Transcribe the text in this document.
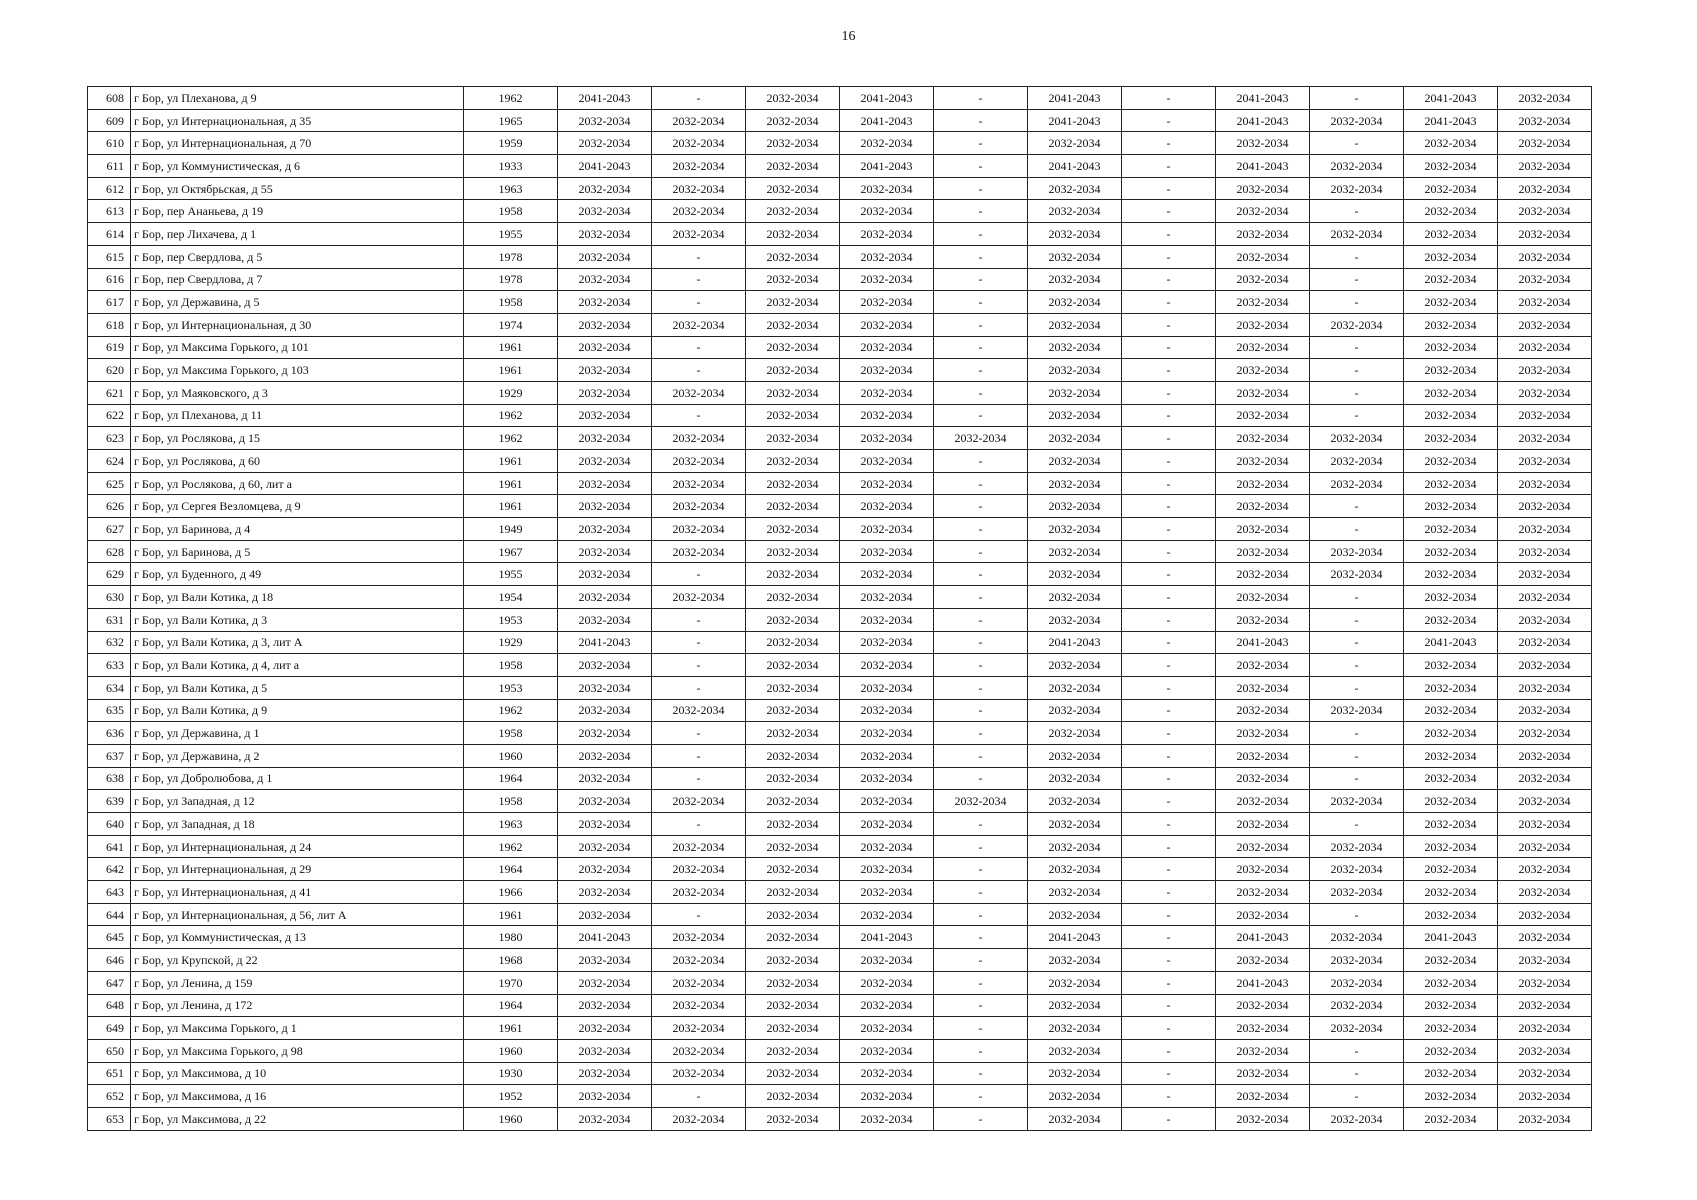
16
608	г Бор, ул Плеханова, д 9	1962	2041-2043	-	2032-2034	2041-2043	-	2041-2043	-	2041-2043	-	2041-2043	2032-2034
609	г Бор, ул Интернациональная, д 35	1965	2032-2034	2032-2034	2032-2034	2041-2043	-	2041-2043	-	2041-2043	2032-2034	2041-2043	2032-2034
610	г Бор, ул Интернациональная, д 70	1959	2032-2034	2032-2034	2032-2034	2032-2034	-	2032-2034	-	2032-2034	-	2032-2034	2032-2034
611	г Бор, ул Коммунистическая, д 6	1933	2041-2043	2032-2034	2032-2034	2041-2043	-	2041-2043	-	2041-2043	2032-2034	2032-2034	2032-2034
612	г Бор, ул Октябрьская, д 55	1963	2032-2034	2032-2034	2032-2034	2032-2034	-	2032-2034	-	2032-2034	2032-2034	2032-2034	2032-2034
613	г Бор, пер Ананьева, д 19	1958	2032-2034	2032-2034	2032-2034	2032-2034	-	2032-2034	-	2032-2034	-	2032-2034	2032-2034
614	г Бор, пер Лихачева, д 1	1955	2032-2034	2032-2034	2032-2034	2032-2034	-	2032-2034	-	2032-2034	2032-2034	2032-2034	2032-2034
615	г Бор, пер Свердлова, д 5	1978	2032-2034	-	2032-2034	2032-2034	-	2032-2034	-	2032-2034	-	2032-2034	2032-2034
616	г Бор, пер Свердлова, д 7	1978	2032-2034	-	2032-2034	2032-2034	-	2032-2034	-	2032-2034	-	2032-2034	2032-2034
617	г Бор, ул Державина, д 5	1958	2032-2034	-	2032-2034	2032-2034	-	2032-2034	-	2032-2034	-	2032-2034	2032-2034
618	г Бор, ул Интернациональная, д 30	1974	2032-2034	2032-2034	2032-2034	2032-2034	-	2032-2034	-	2032-2034	2032-2034	2032-2034	2032-2034
619	г Бор, ул Максима Горького, д 101	1961	2032-2034	-	2032-2034	2032-2034	-	2032-2034	-	2032-2034	-	2032-2034	2032-2034
620	г Бор, ул Максима Горького, д 103	1961	2032-2034	-	2032-2034	2032-2034	-	2032-2034	-	2032-2034	-	2032-2034	2032-2034
621	г Бор, ул Маяковского, д 3	1929	2032-2034	2032-2034	2032-2034	2032-2034	-	2032-2034	-	2032-2034	-	2032-2034	2032-2034
622	г Бор, ул Плеханова, д 11	1962	2032-2034	-	2032-2034	2032-2034	-	2032-2034	-	2032-2034	-	2032-2034	2032-2034
623	г Бор, ул Рослякова, д 15	1962	2032-2034	2032-2034	2032-2034	2032-2034	2032-2034	2032-2034	-	2032-2034	2032-2034	2032-2034	2032-2034
624	г Бор, ул Рослякова, д 60	1961	2032-2034	2032-2034	2032-2034	2032-2034	-	2032-2034	-	2032-2034	2032-2034	2032-2034	2032-2034
625	г Бор, ул Рослякова, д 60, лит а	1961	2032-2034	2032-2034	2032-2034	2032-2034	-	2032-2034	-	2032-2034	2032-2034	2032-2034	2032-2034
626	г Бор, ул Сергея Везломцева, д 9	1961	2032-2034	2032-2034	2032-2034	2032-2034	-	2032-2034	-	2032-2034	-	2032-2034	2032-2034
627	г Бор, ул Баринова, д 4	1949	2032-2034	2032-2034	2032-2034	2032-2034	-	2032-2034	-	2032-2034	-	2032-2034	2032-2034
628	г Бор, ул Баринова, д 5	1967	2032-2034	2032-2034	2032-2034	2032-2034	-	2032-2034	-	2032-2034	2032-2034	2032-2034	2032-2034
629	г Бор, ул Буденного, д 49	1955	2032-2034	-	2032-2034	2032-2034	-	2032-2034	-	2032-2034	2032-2034	2032-2034	2032-2034
630	г Бор, ул Вали Котика, д 18	1954	2032-2034	2032-2034	2032-2034	2032-2034	-	2032-2034	-	2032-2034	-	2032-2034	2032-2034
631	г Бор, ул Вали Котика, д 3	1953	2032-2034	-	2032-2034	2032-2034	-	2032-2034	-	2032-2034	-	2032-2034	2032-2034
632	г Бор, ул Вали Котика, д 3, лит А	1929	2041-2043	-	2032-2034	2032-2034	-	2041-2043	-	2041-2043	-	2041-2043	2032-2034
633	г Бор, ул Вали Котика, д 4, лит а	1958	2032-2034	-	2032-2034	2032-2034	-	2032-2034	-	2032-2034	-	2032-2034	2032-2034
634	г Бор, ул Вали Котика, д 5	1953	2032-2034	-	2032-2034	2032-2034	-	2032-2034	-	2032-2034	-	2032-2034	2032-2034
635	г Бор, ул Вали Котика, д 9	1962	2032-2034	2032-2034	2032-2034	2032-2034	-	2032-2034	-	2032-2034	2032-2034	2032-2034	2032-2034
636	г Бор, ул Державина, д 1	1958	2032-2034	-	2032-2034	2032-2034	-	2032-2034	-	2032-2034	-	2032-2034	2032-2034
637	г Бор, ул Державина, д 2	1960	2032-2034	-	2032-2034	2032-2034	-	2032-2034	-	2032-2034	-	2032-2034	2032-2034
638	г Бор, ул Добролюбова, д 1	1964	2032-2034	-	2032-2034	2032-2034	-	2032-2034	-	2032-2034	-	2032-2034	2032-2034
639	г Бор, ул Западная, д 12	1958	2032-2034	2032-2034	2032-2034	2032-2034	2032-2034	2032-2034	-	2032-2034	2032-2034	2032-2034	2032-2034
640	г Бор, ул Западная, д 18	1963	2032-2034	-	2032-2034	2032-2034	-	2032-2034	-	2032-2034	-	2032-2034	2032-2034
641	г Бор, ул Интернациональная, д 24	1962	2032-2034	2032-2034	2032-2034	2032-2034	-	2032-2034	-	2032-2034	2032-2034	2032-2034	2032-2034
642	г Бор, ул Интернациональная, д 29	1964	2032-2034	2032-2034	2032-2034	2032-2034	-	2032-2034	-	2032-2034	2032-2034	2032-2034	2032-2034
643	г Бор, ул Интернациональная, д 41	1966	2032-2034	2032-2034	2032-2034	2032-2034	-	2032-2034	-	2032-2034	2032-2034	2032-2034	2032-2034
644	г Бор, ул Интернациональная, д 56, лит А	1961	2032-2034	-	2032-2034	2032-2034	-	2032-2034	-	2032-2034	-	2032-2034	2032-2034
645	г Бор, ул Коммунистическая, д 13	1980	2041-2043	2032-2034	2032-2034	2041-2043	-	2041-2043	-	2041-2043	2032-2034	2041-2043	2032-2034
646	г Бор, ул Крупской, д 22	1968	2032-2034	2032-2034	2032-2034	2032-2034	-	2032-2034	-	2032-2034	2032-2034	2032-2034	2032-2034
647	г Бор, ул Ленина, д 159	1970	2032-2034	2032-2034	2032-2034	2032-2034	-	2032-2034	-	2041-2043	2032-2034	2032-2034	2032-2034
648	г Бор, ул Ленина, д 172	1964	2032-2034	2032-2034	2032-2034	2032-2034	-	2032-2034	-	2032-2034	2032-2034	2032-2034	2032-2034
649	г Бор, ул Максима Горького, д 1	1961	2032-2034	2032-2034	2032-2034	2032-2034	-	2032-2034	-	2032-2034	2032-2034	2032-2034	2032-2034
650	г Бор, ул Максима Горького, д 98	1960	2032-2034	2032-2034	2032-2034	2032-2034	-	2032-2034	-	2032-2034	-	2032-2034	2032-2034
651	г Бор, ул Максимова, д 10	1930	2032-2034	2032-2034	2032-2034	2032-2034	-	2032-2034	-	2032-2034	-	2032-2034	2032-2034
652	г Бор, ул Максимова, д 16	1952	2032-2034	-	2032-2034	2032-2034	-	2032-2034	-	2032-2034	-	2032-2034	2032-2034
653	г Бор, ул Максимова, д 22	1960	2032-2034	2032-2034	2032-2034	2032-2034	-	2032-2034	-	2032-2034	2032-2034	2032-2034	2032-2034
